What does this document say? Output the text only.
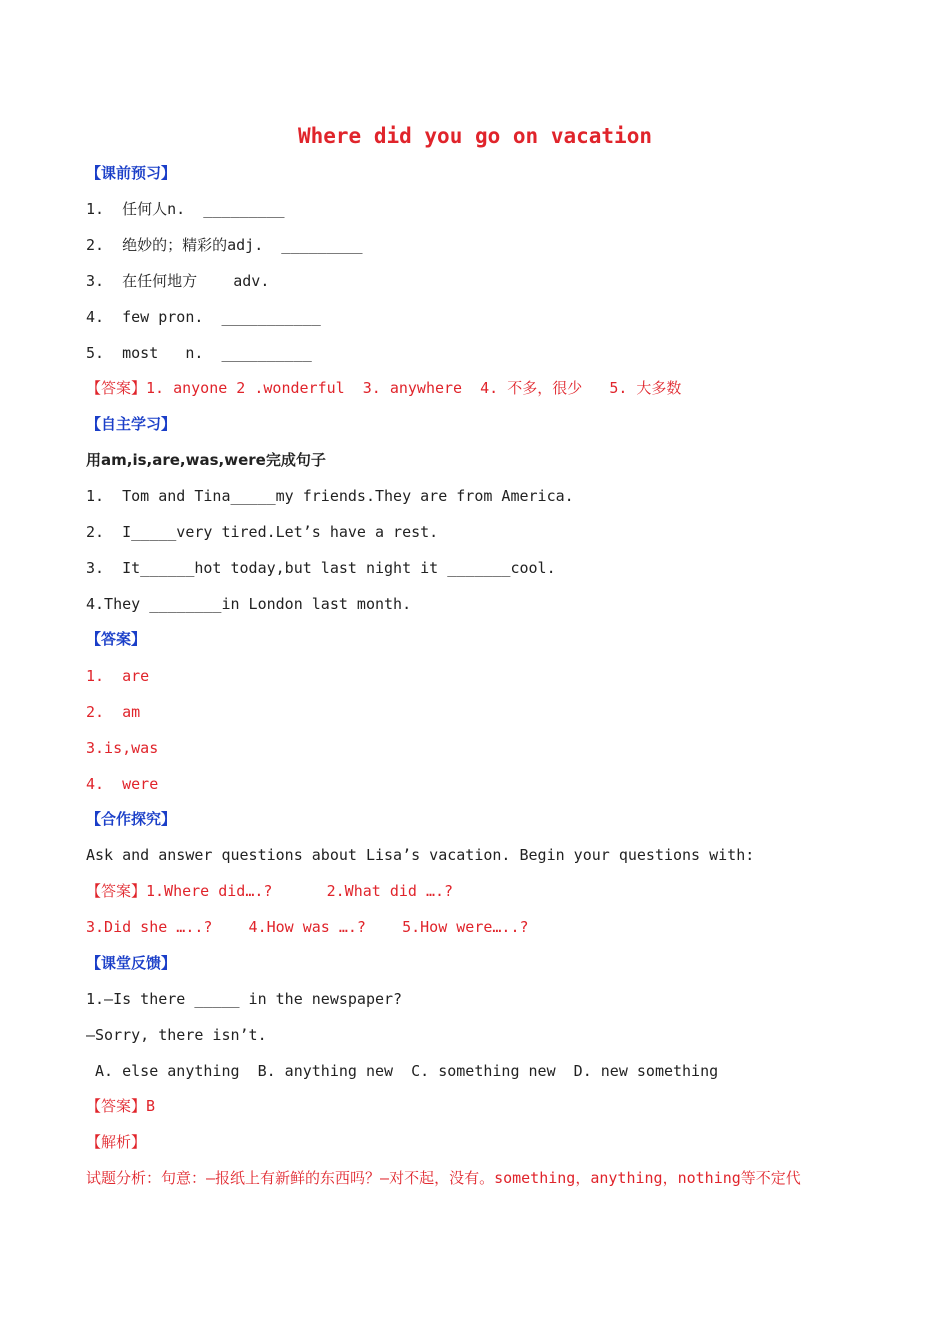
Where did you go on vacation
【课前预习】
1.  任何人n.  _________
2.  绝妙的；精彩的adj.  _________
3.  在任何地方    adv.
4.  few pron.  ___________
5.  most   n.  __________
【答案】1. anyone 2 .wonderful  3. anywhere  4. 不多，很少   5. 大多数
【自主学习】
用am,is,are,was,were完成句子
1.  Tom and Tina_____my friends.They are from America.
2.  I_____very tired.Let’s have a rest.
3.  It______hot today,but last night it _______cool.
4.They ________in London last month.
【答案】
1.  are
2.  am
3.is,was
4.  were
【合作探究】
Ask and answer questions about Lisa’s vacation. Begin your questions with:
【答案】1.Where did….?      2.What did ….?
3.Did she …..?    4.How was ….?    5.How were…..?
【课堂反馈】
1.—Is there _____ in the newspaper?
—Sorry, there isn’t.
A. else anything  B. anything new  C. something new  D. new something
【答案】B
【解析】
试题分析：句意：—报纸上有新鲜的东西吗？—对不起，没有。something，anything，nothing等不定代
